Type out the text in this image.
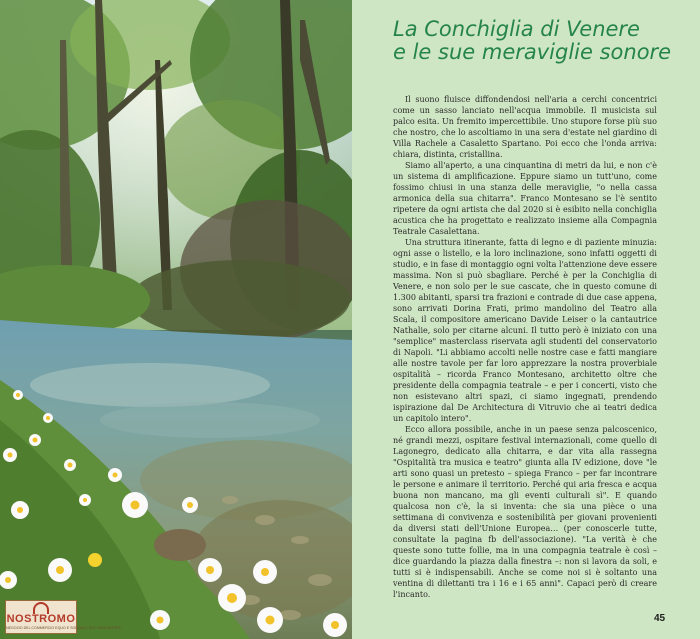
NOSTROMO
NEGOZIO DEL COMMERCIO EQUO E SOLIDALE DEL VIAGGIATORE
La Conchiglia di Venere
e le sue meraviglie sonore

Il suono fluisce diffondendosi nell'aria a cerchi concentrici come un sasso lanciato nell'acqua immobile. Il musicista sul palco esita. Un fremito impercettibile. Uno stupore forse più suo che nostro, che lo ascoltiamo in una sera d'estate nel giardino di Villa Rachele a Casaletto Spartano. Poi ecco che l'onda arriva: chiara, distinta, cristallina.

Siamo all'aperto, a una cinquantina di metri da lui, e non c'è un sistema di amplificazione. Eppure siamo un tutt'uno, come fossimo chiusi in una stanza delle meraviglie, "o nella cassa armonica della sua chitarra". Franco Montesano se l'è sentito ripetere da ogni artista che dal 2020 si è esibito nella conchiglia acustica che ha progettato e realizzato insieme alla Compagnia Teatrale Casalettana.

Una struttura itinerante, fatta di legno e di paziente minuzia: ogni asse o listello, e la loro inclinazione, sono infatti oggetti di studio, e in fase di montaggio ogni volta l'attenzione deve essere massima. Non si può sbagliare. Perché è per la Conchiglia di Venere, e non solo per le sue cascate, che in questo comune di 1.300 abitanti, sparsi tra frazioni e contrade di due case appena, sono arrivati Dorina Frati, primo mandolino del Teatro alla Scala, il compositore americano Davide Leiser o la cantautrice Nathalie, solo per citarne alcuni. Il tutto però è iniziato con una "semplice" masterclass riservata agli studenti del conservatorio di Napoli. "Li abbiamo accolti nelle nostre case e fatti mangiare alle nostre tavole per far loro apprezzare la nostra proverbiale ospitalità – ricorda Franco Montesano, architetto oltre che presidente della compagnia teatrale – e per i concerti, visto che non esistevano altri spazi, ci siamo ingegnati, prendendo ispirazione dal De Architectura di Vitruvio che ai teatri dedica un capitolo intero".

Ecco allora possibile, anche in un paese senza palcoscenico, né grandi mezzi, ospitare festival internazionali, come quello di Lagonegro, dedicato alla chitarra, e dar vita alla rassegna "Ospitalità tra musica e teatro" giunta alla IV edizione, dove "le arti sono quasi un pretesto – spiega Franco – per far incontrare le persone e animare il territorio. Perché qui aria fresca e acqua buona non mancano, ma gli eventi culturali sì". E quando qualcosa non c'è, la si inventa: che sia una pièce o una settimana di convivenza e sostenibilità per giovani provenienti da diversi stati dell'Unione Europea… (per conoscerle tutte, consultate la pagina fb dell'associazione). "La verità è che queste sono tutte follie, ma in una compagnia teatrale è così – dice guardando la piazza dalla finestra –: non si lavora da soli, e tutti si è indispensabili. Anche se come noi si è soltanto una ventina di dilettanti tra i 16 e i 65 anni". Capaci però di creare l'incanto.

45
